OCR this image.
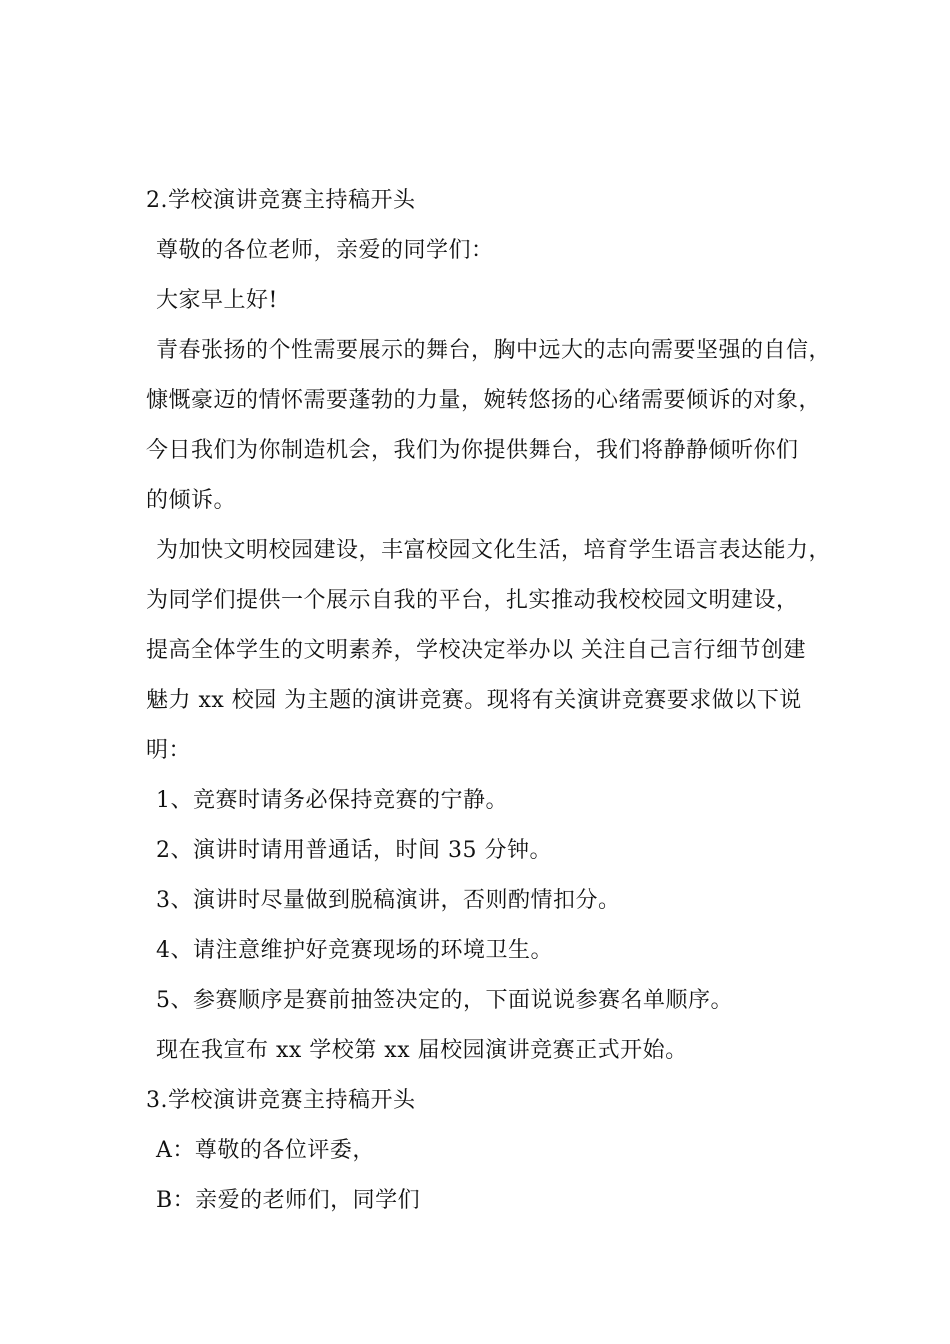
2.学校演讲竞赛主持稿开头
尊敬的各位老师，亲爱的同学们：
大家早上好!
青春张扬的个性需要展示的舞台，胸中远大的志向需要坚强的自信，
慷慨豪迈的情怀需要蓬勃的力量，婉转悠扬的心绪需要倾诉的对象，
今日我们为你制造机会，我们为你提供舞台，我们将静静倾听你们
的倾诉。
为加快文明校园建设，丰富校园文化生活，培育学生语言表达能力，
为同学们提供一个展示自我的平台，扎实推动我校校园文明建设，
提高全体学生的文明素养，学校决定举办以 关注自己言行细节创建
魅力 xx 校园 为主题的演讲竞赛。现将有关演讲竞赛要求做以下说
明：
1、竞赛时请务必保持竞赛的宁静。
2、演讲时请用普通话，时间 35 分钟。
3、演讲时尽量做到脱稿演讲，否则酌情扣分。
4、请注意维护好竞赛现场的环境卫生。
5、参赛顺序是赛前抽签决定的，下面说说参赛名单顺序。
现在我宣布 xx 学校第 xx 届校园演讲竞赛正式开始。
3.学校演讲竞赛主持稿开头
A：尊敬的各位评委，
B：亲爱的老师们，同学们
